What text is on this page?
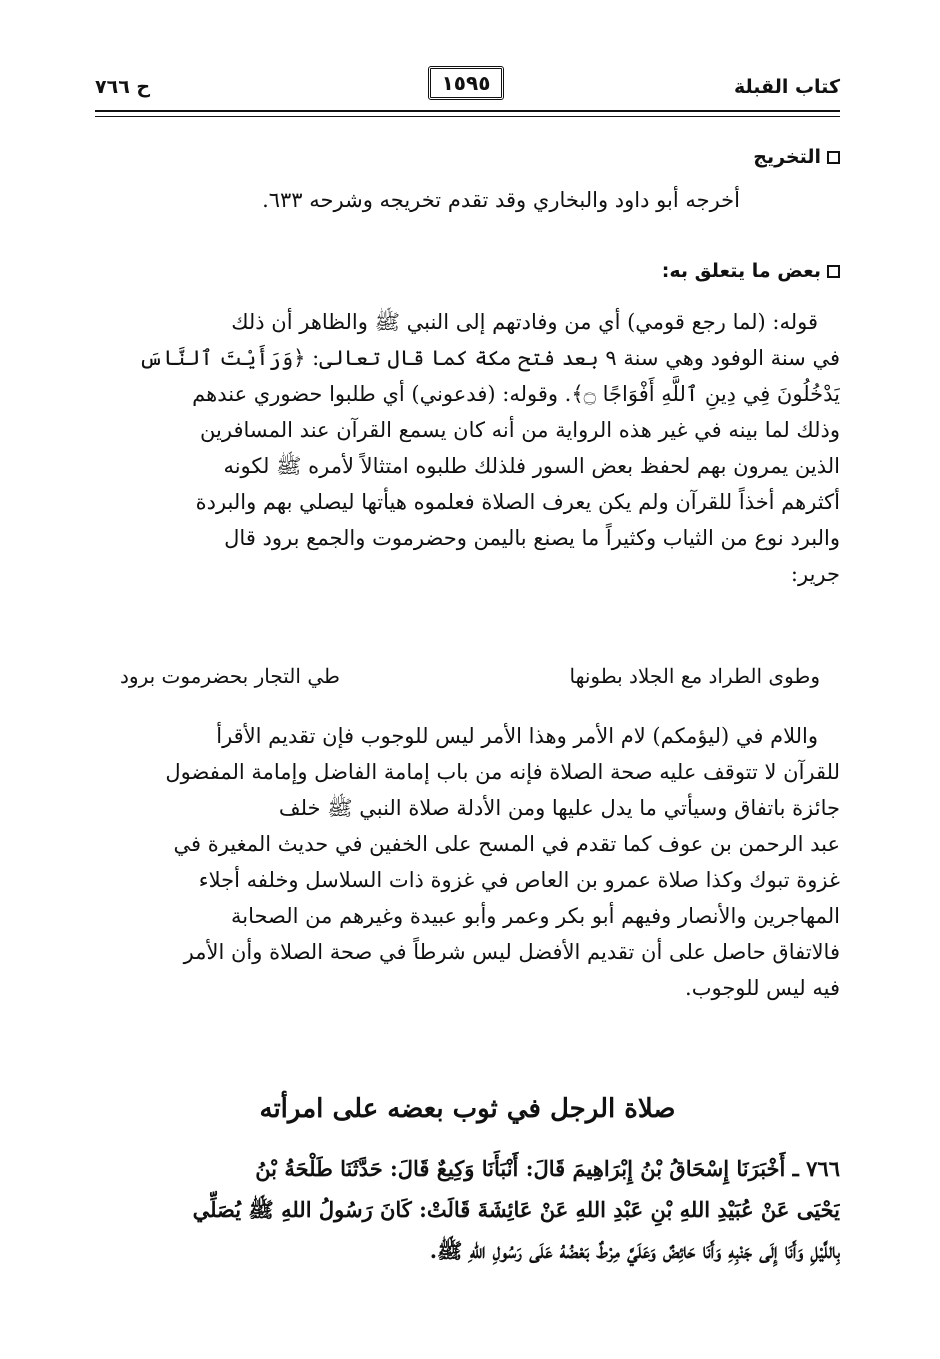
كتاب القبلة
١٥٩٥
ح ٧٦٦
التخريج
أخرجه أبو داود والبخاري وقد تقدم تخريجه وشرحه ٦٣٣.
بعض ما يتعلق به:
قوله: (لما رجع قومي) أي من وفادتهم إلى النبي ﷺ والظاهر أن ذلك
في سنة الوفود وهي سنة ٩ بعد فتح مكة كما قال تعالى: ﴿وَرَأَيْتَ ٱلنَّاسَ
يَدْخُلُونَ فِي دِينِ ٱللَّهِ أَفْوَاجًا ۝﴾. وقوله: (فدعوني) أي طلبوا حضوري عندهم
وذلك لما بينه في غير هذه الرواية من أنه كان يسمع القرآن عند المسافرين
الذين يمرون بهم لحفظ بعض السور فلذلك طلبوه امتثالاً لأمره ﷺ لكونه
أكثرهم أخذاً للقرآن ولم يكن يعرف الصلاة فعلموه هيأتها ليصلي بهم والبردة
والبرد نوع من الثياب وكثيراً ما يصنع باليمن وحضرموت والجمع برود قال
جرير:
وطوى الطراد مع الجلاد بطونها
طي التجار بحضرموت برود
واللام في (ليؤمكم) لام الأمر وهذا الأمر ليس للوجوب فإن تقديم الأقرأ
للقرآن لا تتوقف عليه صحة الصلاة فإنه من باب إمامة الفاضل وإمامة المفضول
جائزة باتفاق وسيأتي ما يدل عليها ومن الأدلة صلاة النبي ﷺ خلف
عبد الرحمن بن عوف كما تقدم في المسح على الخفين في حديث المغيرة في
غزوة تبوك وكذا صلاة عمرو بن العاص في غزوة ذات السلاسل وخلفه أجلاء
المهاجرين والأنصار وفيهم أبو بكر وعمر وأبو عبيدة وغيرهم من الصحابة
فالاتفاق حاصل على أن تقديم الأفضل ليس شرطاً في صحة الصلاة وأن الأمر
فيه ليس للوجوب.
صلاة الرجل في ثوب بعضه على امرأته
٧٦٦ ـ أَخْبَرَنَا إِسْحَاقُ بْنُ إِبْرَاهِيمَ قَالَ: أَنْبَأَنَا وَكِيعٌ قَالَ: حَدَّثَنَا طَلْحَةُ بْنُ
يَحْيَى عَنْ عُبَيْدِ اللهِ بْنِ عَبْدِ اللهِ عَنْ عَائِشَةَ قَالَتْ: كَانَ رَسُولُ اللهِ ﷺ يُصَلِّي
بِاللَّيْلِ وَأَنَا إِلَى جَنْبِهِ وَأَنَا حَائِضٌ وَعَلَيَّ مِرْطٌ بَعْضُهُ عَلَى رَسُولِ اللهِ ﷺ.
